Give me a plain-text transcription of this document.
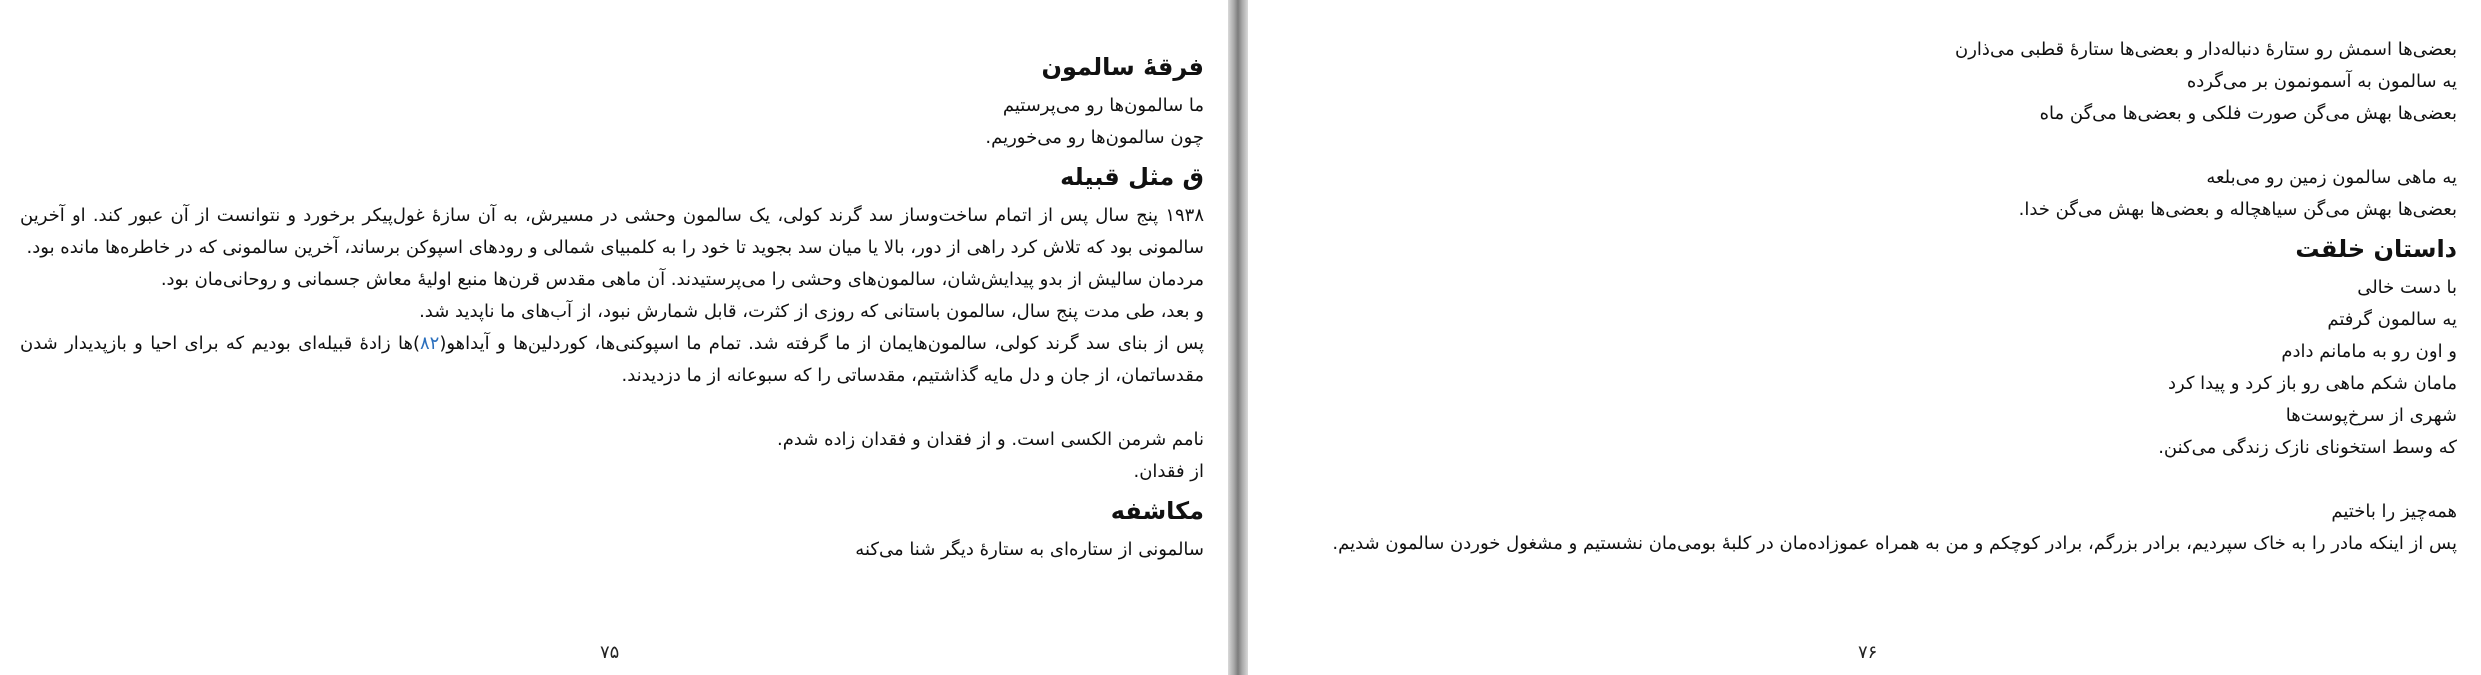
فرقهٔ سالمون
ما سالمون‌ها رو می‌پرستیم
چون سالمون‌ها رو می‌خوریم.
ق مثل قبیله
۱۹۳۸ پنج سال پس از اتمام ساخت‌وساز سد گرند کولی، یک سالمون وحشی در مسیرش، به آن سازهٔ غول‌پیکر برخورد و نتوانست از آن عبور کند. او آخرین سالمونی بود که تلاش کرد راهی از دور، بالا یا میان سد بجوید تا خود را به کلمبیای شمالی و رودهای اسپوکن برساند، آخرین سالمونی که در خاطره‌ها مانده بود.
مردمان سالیش از بدو پیدایش‌شان، سالمون‌های وحشی را می‌پرستیدند. آن ماهی مقدس قرن‌ها منبع اولیهٔ معاش جسمانی و روحانی‌مان بود.
و بعد، طی مدت پنج سال، سالمون باستانی که روزی از کثرت، قابل شمارش نبود، از آب‌های ما ناپدید شد.
پس از بنای سد گرند کولی، سالمون‌هایمان از ما گرفته شد. تمام ما اسپوکنی‌ها، کوردلین‌ها و آیداهو(۸۲)ها زادهٔ قبیله‌ای بودیم که برای احیا و بازپدیدار شدن مقدساتمان، از جان و دل مایه گذاشتیم، مقدساتی را که سبوعانه از ما دزدیدند.
نامم شرمن الکسی است. و از فقدان و فقدان زاده شدم.
از فقدان.
مکاشفه
سالمونی از ستاره‌ای به ستارهٔ دیگر شنا می‌کنه
۷۵
بعضی‌ها اسمش رو ستارهٔ دنباله‌دار و بعضی‌ها ستارهٔ قطبی می‌ذارن
یه سالمون به آسمونمون بر می‌گرده
بعضی‌ها بهش می‌گن صورت فلکی و بعضی‌ها می‌گن ماه
یه ماهی سالمون زمین رو می‌بلعه
بعضی‌ها بهش می‌گن سیاهچاله و بعضی‌ها بهش می‌گن خدا.
داستان خلقت
با دست خالی
یه سالمون گرفتم
و اون رو به مامانم دادم
مامان شکم ماهی رو باز کرد و پیدا کرد
شهری از سرخ‌پوست‌ها
که وسط استخونای نازک زندگی می‌کنن.
همه‌چیز را باختیم
پس از اینکه مادر را به خاک سپردیم، برادر بزرگم، برادر کوچکم و من به همراه عموزاده‌مان در کلبهٔ بومی‌مان نشستیم و مشغول خوردن سالمون شدیم.
۷۶
